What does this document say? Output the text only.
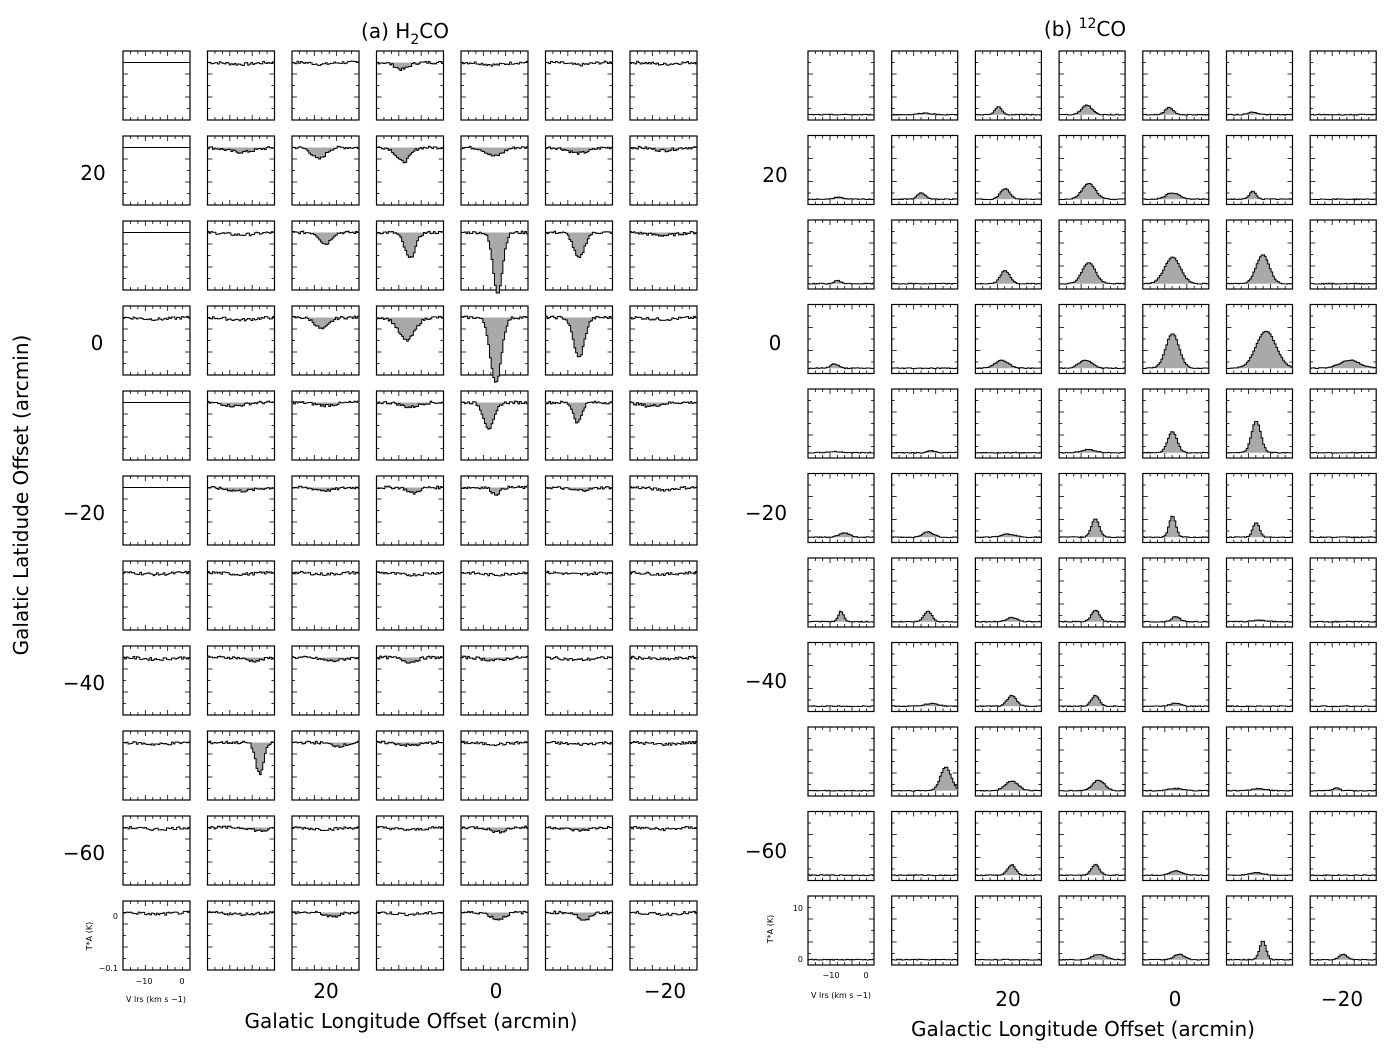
(a) $H_2CO$	(b) $^{12}$CO
Galatic Latidude Offset (arcmin)
Galatic Longitude Offset (arcmin)	Galactic Longitude Offset (arcmin)
20
0
−20
−40
−60
20
0
−20
−40
−60
20	0	−20	20	0	−20
T*A (K)
0
−0.1
−10	0
V lrs (km s −1)
T*A (K)
10
0
−10	0
V lrs (km s −1)
